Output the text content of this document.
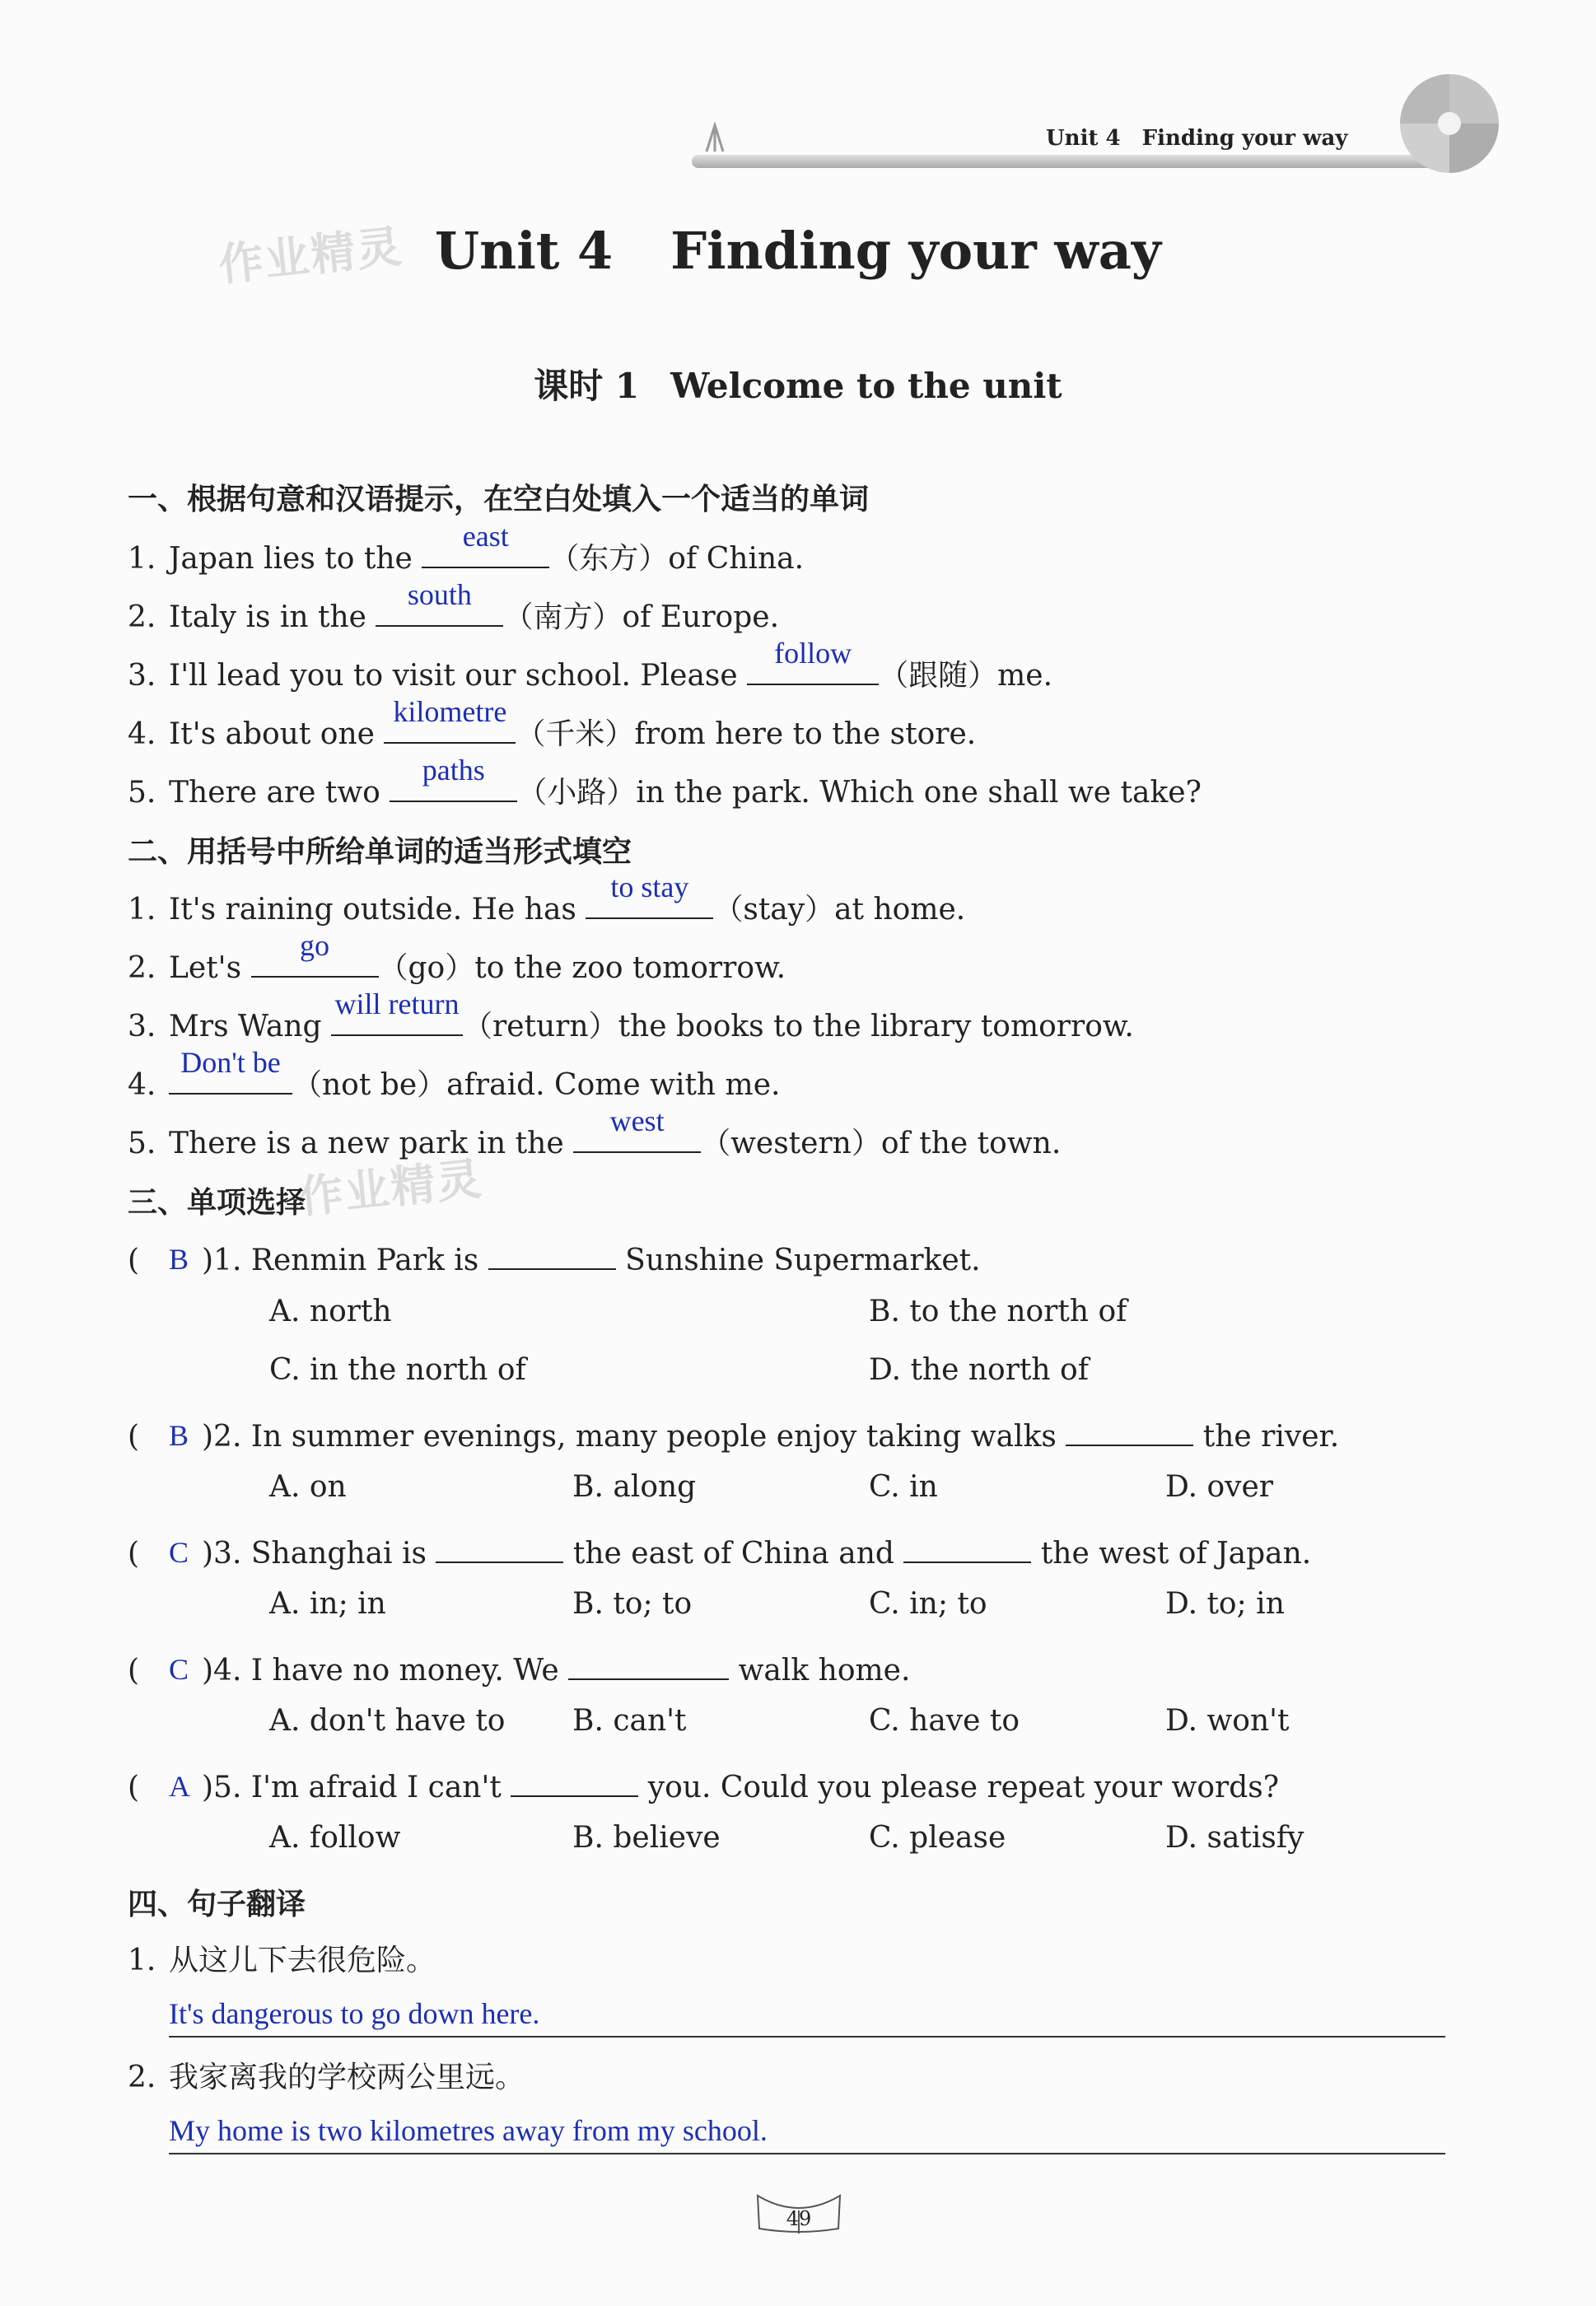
Unit 4 Finding your way
作业精灵
作业精灵
Unit 4 Finding your way
课时 1 Welcome to the unit
一、根据句意和汉语提示，在空白处填入一个适当的单词
1. Japan lies to the
east
（东方）of China.
2. Italy is in the
south
（南方）of Europe.
3. I'll lead you to visit our school. Please
follow
（跟随）me.
4. It's about one
kilometre
（千米）from here to the store.
5. There are two
paths
（小路）in the park. Which one shall we take?
二、用括号中所给单词的适当形式填空
1. It's raining outside. He has
to stay
（stay）at home.
2. Let's
go
（go）to the zoo tomorrow.
3. Mrs Wang
will return
（return）the books to the library tomorrow.
4.
Don't be
（not be）afraid. Come with me.
5. There is a new park in the
west
（western）of the town.
三、单项选择
( B )1. Renmin Park is	Sunshine Supermarket.
A. north	B. to the north of
C. in the north of	D. the north of
( B )2. In summer evenings, many people enjoy taking walks	the river.
A. on	B. along	C. in	D. over
( C )3. Shanghai is	the east of China and	the west of Japan.
A. in; in	B. to; to	C. in; to	D. to; in
( C )4. I have no money. We	walk home.
A. don't have to B. can't	C. have to	D. won't
( A )5. I'm afraid I can't	you. Could you please repeat your words?
A. follow	B. believe	C. please	D. satisfy
四、句子翻译
1. 从这儿下去很危险。
It's dangerous to go down here.
2. 我家离我的学校两公里远。
My home is two kilometres away from my school.
49
